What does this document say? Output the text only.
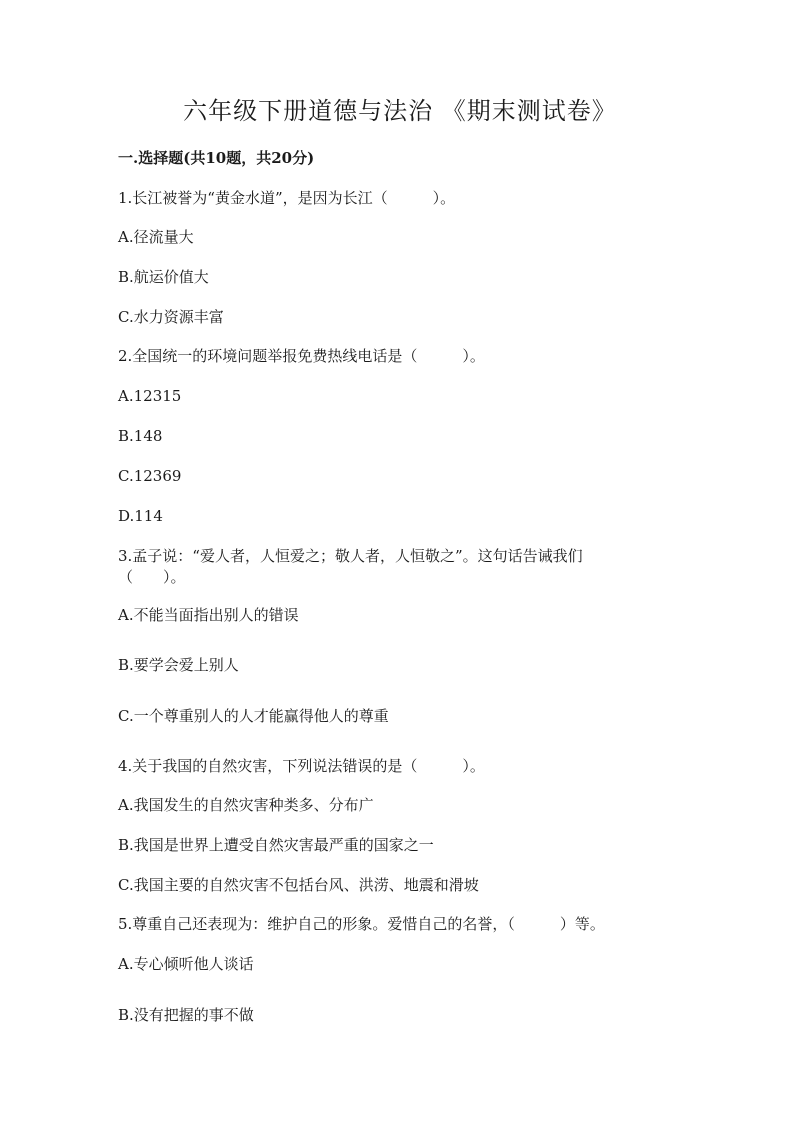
六年级下册道德与法治 《期末测试卷》
一.选择题(共10题，共20分)

1.长江被誉为“黄金水道”，是因为长江（　　　）。

A.径流量大

B.航运价值大

C.水力资源丰富

2.全国统一的环境问题举报免费热线电话是（　　　）。

A.12315

B.148

C.12369

D.114

3.孟子说：“爱人者，人恒爱之；敬人者，人恒敬之”。这句话告诫我们

（　　）。

A.不能当面指出别人的错误

B.要学会爱上别人

C.一个尊重别人的人才能赢得他人的尊重

4.关于我国的自然灾害，下列说法错误的是（　　　）。

A.我国发生的自然灾害种类多、分布广

B.我国是世界上遭受自然灾害最严重的国家之一

C.我国主要的自然灾害不包括台风、洪涝、地震和滑坡

5.尊重自己还表现为：维护自己的形象。爱惜自己的名誉，（　　　）等。

A.专心倾听他人谈话

B.没有把握的事不做
